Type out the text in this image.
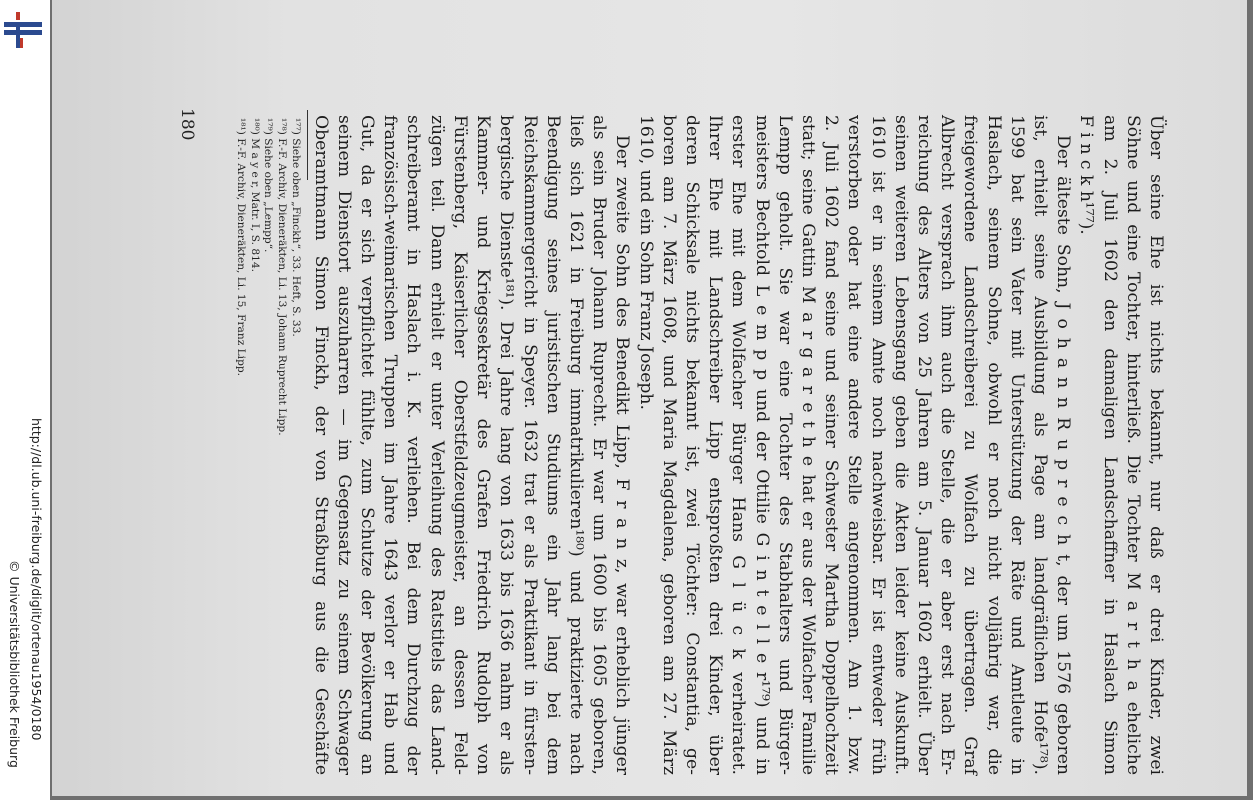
http://dl.ub.uni-freiburg.de/diglit/ortenau1954/0180
© Universitätsbibliothek Freiburg	Über seine Ehe ist nichts bekannt, nur daß er drei Kinder, zwei
Söhne und eine Tochter, hinterließ. Die Tochter M a r t h a eheliche
am 2. Juli 1602 den damaligen Landschaffner in Haslach Simon
F i n c k h¹⁷⁷).
Der älteste Sohn, J o h a n n R u p r e c h t, der um 1576 geboren
ist, erhielt seine Ausbildung als Page am landgräflichen Hofe¹⁷⁸).
1599 bat sein Vater mit Unterstützung der Räte und Amtleute in
Haslach, seinem Sohne, obwohl er noch nicht volljährig war, die
freigewordene Landschreiberei zu Wolfach zu übertragen. Graf
Albrecht versprach ihm auch die Stelle, die er aber erst nach Er-
reichung des Alters von 25 Jahren am 5. Januar 1602 erhielt. Über
seinen weiteren Lebensgang geben die Akten leider keine Auskunft.
1610 ist er in seinem Amte noch nachweisbar. Er ist entweder früh
verstorben oder hat eine andere Stelle angenommen. Am 1. bzw.
2. Juli 1602 fand seine und seiner Schwester Martha Doppelhochzeit
statt; seine Gattin M a r g a r e t h e hat er aus der Wolfacher Familie
Lempp geholt. Sie war eine Tochter des Stabhalters und Bürger-
meisters Bechtold L e m p p und der Ottilie G i n t e l l e r¹⁷⁹) und in
erster Ehe mit dem Wolfacher Bürger Hans G l ü c k verheiratet.
Ihrer Ehe mit Landschreiber Lipp entsproßten drei Kinder, über
deren Schicksale nichts bekannt ist, zwei Töchter: Constantia, ge-
boren am 7. März 1608, und Maria Magdalena, geboren am 27. März
1610, und ein Sohn Franz Joseph.
Der zweite Sohn des Benedikt Lipp, F r a n z, war erheblich jünger
als sein Bruder Johann Ruprecht. Er war um 1600 bis 1605 geboren,
ließ sich 1621 in Freiburg immatrikulieren¹⁸⁰) und praktizierte nach
Beendigung seines juristischen Studiums ein Jahr lang bei dem
Reichskammergericht in Speyer. 1632 trat er als Praktikant in fürsten-
bergische Dienste¹⁸¹). Drei Jahre lang von 1633 bis 1636 nahm er als
Kammer- und Kriegssekretär des Grafen Friedrich Rudolph von
Fürstenberg, Kaiserlicher Oberstfeldzeugmeister, an dessen Feld-
zügen teil. Dann erhielt er unter Verleihung des Ratstitels das Land-
schreiberamt in Haslach i. K. verliehen. Bei dem Durchzug der
französisch-weimarischen Truppen im Jahre 1643 verlor er Hab und
Gut, da er sich verpflichtet fühlte, zum Schutze der Bevölkerung an
seinem Dienstort auszuharren — im Gegensatz zu seinem Schwager
Oberamtmann Simon Finckh, der von Straßburg aus die Geschäfte
¹⁷⁷) Siehe oben „Finckh“, 33. Heft, S. 33.
¹⁷⁸) F.-F. Archiv, Dieneräkten, Li. 13, Johann Ruprecht Lipp.
¹⁷⁹) Siehe oben „Lempp“.
¹⁸⁰) M a y e r, Matr. I, S. 814.
¹⁸¹) F.-F. Archiv, Dieneräkten, Li. 15, Franz Lipp.
180
